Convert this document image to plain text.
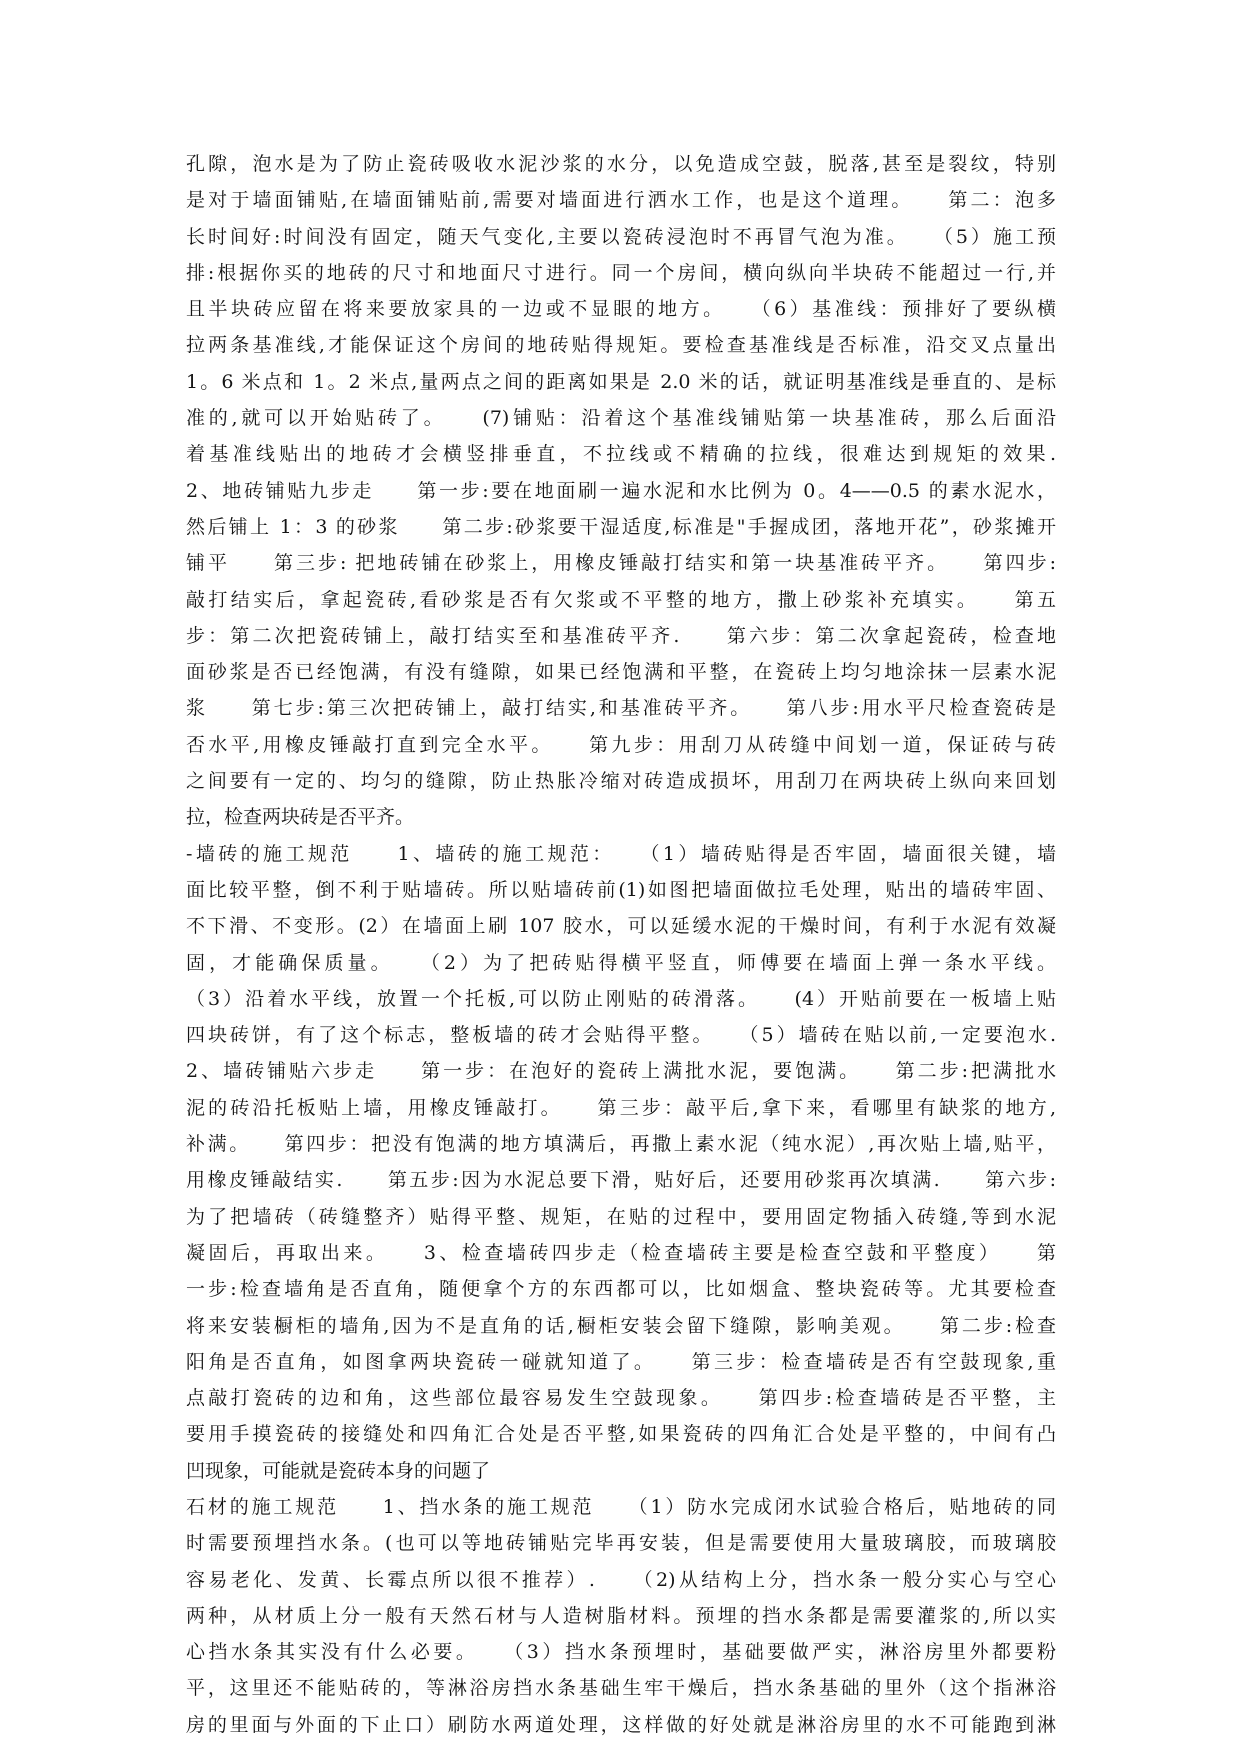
孔隙，泡水是为了防止瓷砖吸收水泥沙浆的水分，以免造成空鼓，脱落,甚至是裂纹，特别
是对于墙面铺贴,在墙面铺贴前,需要对墙面进行洒水工作，也是这个道理。　　第二：泡多
长时间好:时间没有固定，随天气变化,主要以瓷砖浸泡时不再冒气泡为准。　　（5）施工预
排:根据你买的地砖的尺寸和地面尺寸进行。同一个房间，横向纵向半块砖不能超过一行,并
且半块砖应留在将来要放家具的一边或不显眼的地方。　　（6）基准线：预排好了要纵横
拉两条基准线,才能保证这个房间的地砖贴得规矩。要检查基准线是否标准，沿交叉点量出
1。6 米点和 1。2 米点,量两点之间的距离如果是 2.0 米的话，就证明基准线是垂直的、是标
准的,就可以开始贴砖了。　　(7)铺贴：沿着这个基准线铺贴第一块基准砖，那么后面沿
着基准线贴出的地砖才会横竖排垂直，不拉线或不精确的拉线，很难达到规矩的效果.
2、地砖铺贴九步走　　第一步:要在地面刷一遍水泥和水比例为 0。4——0.5 的素水泥水，
然后铺上 1：3 的砂浆　　第二步:砂浆要干湿适度,标准是"手握成团，落地开花”，砂浆摊开
铺平　　第三步: 把地砖铺在砂浆上，用橡皮锤敲打结实和第一块基准砖平齐。　　第四步:
敲打结实后，拿起瓷砖,看砂浆是否有欠浆或不平整的地方，撒上砂浆补充填实。　　第五
步：第二次把瓷砖铺上，敲打结实至和基准砖平齐.　　第六步：第二次拿起瓷砖，检查地
面砂浆是否已经饱满，有没有缝隙，如果已经饱满和平整，在瓷砖上均匀地涂抹一层素水泥
浆　　第七步:第三次把砖铺上，敲打结实,和基准砖平齐。　　第八步:用水平尺检查瓷砖是
否水平,用橡皮锤敲打直到完全水平。　　第九步：用刮刀从砖缝中间划一道，保证砖与砖
之间要有一定的、均匀的缝隙，防止热胀冷缩对砖造成损坏，用刮刀在两块砖上纵向来回划
拉，检查两块砖是否平齐。
-墙砖的施工规范　　1、墙砖的施工规范：　　（1）墙砖贴得是否牢固，墙面很关键，墙
面比较平整，倒不利于贴墙砖。所以贴墙砖前(1)如图把墙面做拉毛处理，贴出的墙砖牢固、
不下滑、不变形。(2）在墙面上刷 107 胶水，可以延缓水泥的干燥时间，有利于水泥有效凝
固，才能确保质量。　　（2）为了把砖贴得横平竖直，师傅要在墙面上弹一条水平线。
（3）沿着水平线，放置一个托板,可以防止刚贴的砖滑落。　　(4）开贴前要在一板墙上贴
四块砖饼，有了这个标志，整板墙的砖才会贴得平整。　　（5）墙砖在贴以前,一定要泡水.
2、墙砖铺贴六步走　　第一步：在泡好的瓷砖上满批水泥，要饱满。　　第二步:把满批水
泥的砖沿托板贴上墙，用橡皮锤敲打。　　第三步：敲平后,拿下来，看哪里有缺浆的地方,
补满。　　第四步：把没有饱满的地方填满后，再撒上素水泥（纯水泥）,再次贴上墙,贴平，
用橡皮锤敲结实.　　第五步:因为水泥总要下滑，贴好后，还要用砂浆再次填满.　　第六步:
为了把墙砖（砖缝整齐）贴得平整、规矩，在贴的过程中，要用固定物插入砖缝,等到水泥
凝固后，再取出来。　　3、检查墙砖四步走（检查墙砖主要是检查空鼓和平整度）　　第
一步:检查墙角是否直角，随便拿个方的东西都可以，比如烟盒、整块瓷砖等。尤其要检查
将来安装橱柜的墙角,因为不是直角的话,橱柜安装会留下缝隙，影响美观。　　第二步:检查
阳角是否直角，如图拿两块瓷砖一碰就知道了。　　第三步：检查墙砖是否有空鼓现象,重
点敲打瓷砖的边和角，这些部位最容易发生空鼓现象。　　第四步:检查墙砖是否平整，主
要用手摸瓷砖的接缝处和四角汇合处是否平整,如果瓷砖的四角汇合处是平整的，中间有凸
凹现象，可能就是瓷砖本身的问题了
石材的施工规范　　1、挡水条的施工规范　　（1）防水完成闭水试验合格后，贴地砖的同
时需要预埋挡水条。(也可以等地砖铺贴完毕再安装，但是需要使用大量玻璃胶，而玻璃胶
容易老化、发黄、长霉点所以很不推荐）.　　（2)从结构上分，挡水条一般分实心与空心
两种，从材质上分一般有天然石材与人造树脂材料。预埋的挡水条都是需要灌浆的,所以实
心挡水条其实没有什么必要。　　（3）挡水条预埋时，基础要做严实，淋浴房里外都要粉
平，这里还不能贴砖的，等淋浴房挡水条基础生牢干燥后，挡水条基础的里外（这个指淋浴
房的里面与外面的下止口）刷防水两道处理，这样做的好处就是淋浴房里的水不可能跑到淋
